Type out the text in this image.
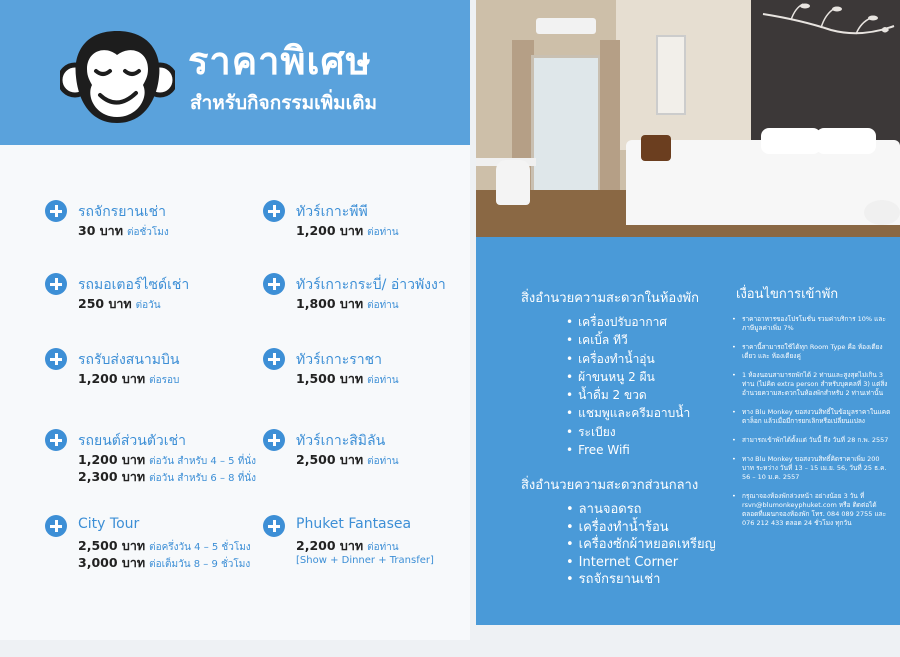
ราคาพิเศษ
สำหรับกิจกรรมเพิ่มเติม
รถจักรยานเช่า
30 บาท ต่อชั่วโมง
รถมอเตอร์ไซด์เช่า
250 บาท ต่อวัน
รถรับส่งสนามบิน
1,200 บาท ต่อรอบ
รถยนต์ส่วนตัวเช่า
1,200 บาท ต่อวัน สำหรับ 4 – 5 ที่นั่ง
2,300 บาท ต่อวัน สำหรับ 6 – 8 ที่นั่ง
City Tour
2,500 บาท ต่อครึ่งวัน 4 – 5 ชั่วโมง
3,000 บาท ต่อเต็มวัน 8 – 9 ชั่วโมง
ทัวร์เกาะพีพี
1,200 บาท ต่อท่าน
ทัวร์เกาะกระบี่/ อ่าวพังงา
1,800 บาท ต่อท่าน
ทัวร์เกาะราชา
1,500 บาท ต่อท่าน
ทัวร์เกาะสิมิลัน
2,500 บาท ต่อท่าน
Phuket Fantasea
2,200 บาท ต่อท่าน
[Show + Dinner + Transfer]
สิ่งอำนวยความสะดวกในห้องพัก
• เครื่องปรับอากาศ
• เคเบิ้ล ทีวี
• เครื่องทำน้ำอุ่น
• ผ้าขนหนู 2 ผืน
• น้ำดื่ม 2 ขวด
• แชมพูและครีมอาบน้ำ
• ระเบียง
• Free Wifi
สิ่งอำนวยความสะดวกส่วนกลาง
• ลานจอดรถ
• เครื่องทำน้ำร้อน
• เครื่องซักผ้าหยอดเหรียญ
• Internet Corner
• รถจักรยานเช่า
เงื่อนไขการเข้าพัก
• ราคาอาหารของโปรโมชั่น รวมค่าบริการ 10% และภาษีมูลค่าเพิ่ม 7%
• ราคานี้สามารถใช้ได้ทุก Room Type คือ ห้องเตียงเดี่ยว และ ห้องเตียงคู่
• 1 ห้องนอนสามารถพักได้ 2 ท่านและสูงสุดไม่เกิน 3 ท่าน (ไม่คิด extra person สำหรับบุคคลที่ 3) แต่สิ่งอำนวยความสะดวกในห้องพักสำหรับ 2 ท่านเท่านั้น
• ทาง Blu Monkey ขอสงวนสิทธิ์ในข้อมูลราคาในแคตตาล็อก แล้วเมื่อมีการยกเลิกหรือเปลี่ยนแปลง
• สามารถเข้าพักได้ตั้งแต่ วันนี้ ถึง วันที่ 28 ก.พ. 2557
• ทาง Blu Monkey ขอสงวนสิทธิ์คิดราคาเพิ่ม 200 บาท ระหว่าง วันที่ 13 – 15 เม.ย. 56, วันที่ 25 ธ.ค. 56 – 10 ม.ค. 2557
• กรุณาจองห้องพักล่วงหน้า อย่างน้อย 3 วัน ที่ rsvn@blumonkeyphuket.com หรือ ติดต่อได้ตลอดที่แผนกจองห้องพัก โทร. 084 089 2755 และ 076 212 433 ตลอด 24 ชั่วโมง ทุกวัน
